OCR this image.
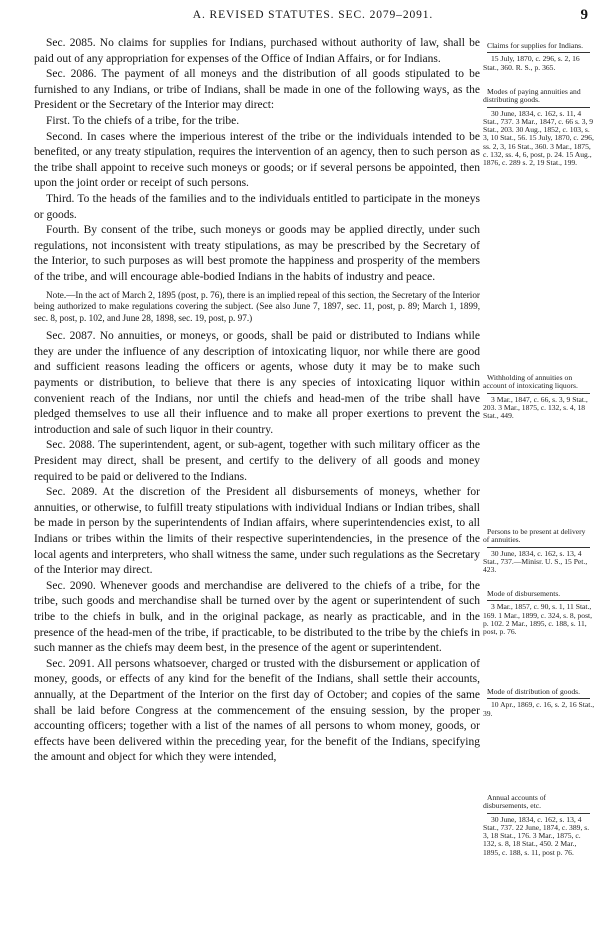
A. REVISED STATUTES. SEC. 2079–2091.	9

Sec. 2085. No claims for supplies for Indians, purchased without authority of law, shall be paid out of any appropriation for expenses of the Office of Indian Affairs, or for Indians.

Sec. 2086. The payment of all moneys and the distribution of all goods stipulated to be furnished to any Indians, or tribe of Indians, shall be made in one of the following ways, as the President or the Secretary of the Interior may direct:

First. To the chiefs of a tribe, for the tribe.

Second. In cases where the imperious interest of the tribe or the individuals intended to be benefited, or any treaty stipulation, requires the intervention of an agency, then to such person as the tribe shall appoint to receive such moneys or goods; or if several persons be appointed, then upon the joint order or receipt of such persons.

Third. To the heads of the families and to the individuals entitled to participate in the moneys or goods.

Fourth. By consent of the tribe, such moneys or goods may be applied directly, under such regulations, not inconsistent with treaty stipulations, as may be prescribed by the Secretary of the Interior, to such purposes as will best promote the happiness and prosperity of the members of the tribe, and will encourage able-bodied Indians in the habits of industry and peace.

Note.—In the act of March 2, 1895 (post, p. 76), there is an implied repeal of this section, the Secretary of the Interior being authorized to make regulations covering the subject. (See also June 7, 1897, sec. 11, post, p. 89; March 1, 1899, sec. 8, post, p. 102, and June 28, 1898, sec. 19, post, p. 97.)

Sec. 2087. No annuities, or moneys, or goods, shall be paid or distributed to Indians while they are under the influence of any description of intoxicating liquor, nor while there are good and sufficient reasons leading the officers or agents, whose duty it may be to make such payments or distribution, to believe that there is any species of intoxicating liquor within convenient reach of the Indians, nor until the chiefs and head-men of the tribe shall have pledged themselves to use all their influence and to make all proper exertions to prevent the introduction and sale of such liquor in their country.

Sec. 2088. The superintendent, agent, or sub-agent, together with such military officer as the President may direct, shall be present, and certify to the delivery of all goods and money required to be paid or delivered to the Indians.

Sec. 2089. At the discretion of the President all disbursements of moneys, whether for annuities, or otherwise, to fulfill treaty stipulations with individual Indians or Indian tribes, shall be made in person by the superintendents of Indian affairs, where superintendencies exist, to all Indians or tribes within the limits of their respective superintendencies, in the presence of the local agents and interpreters, who shall witness the same, under such regulations as the Secretary of the Interior may direct.

Sec. 2090. Whenever goods and merchandise are delivered to the chiefs of a tribe, for the tribe, such goods and merchandise shall be turned over by the agent or superintendent of such tribe to the chiefs in bulk, and in the original package, as nearly as practicable, and in the presence of the head-men of the tribe, if practicable, to be distributed to the tribe by the chiefs in such manner as the chiefs may deem best, in the presence of the agent or superintendent.

Sec. 2091. All persons whatsoever, charged or trusted with the disbursement or application of money, goods, or effects of any kind for the benefit of the Indians, shall settle their accounts, annually, at the Department of the Interior on the first day of October; and copies of the same shall be laid before Congress at the commencement of the ensuing session, by the proper accounting officers; together with a list of the names of all persons to whom money, goods, or effects have been delivered within the preceding year, for the benefit of the Indians, specifying the amount and object for which they were intended,

Claims for supplies for Indians.
15 July, 1870, c. 296, s. 2, 16 Stat., 360. R. S., p. 365.
Modes of paying annuities and distributing goods.
30 June, 1834, c. 162, s. 11, 4 Stat., 737. 3 Mar., 1847, c. 66 s. 3, 9 Stat., 203. 30 Aug., 1852, c. 103, s. 3, 10 Stat., 56. 15 July, 1870, c. 296, ss. 2, 3, 16 Stat., 360. 3 Mar., 1875, c. 132, ss. 4, 6, post, p. 24. 15 Aug., 1876, c. 289 s. 2, 19 Stat., 199.
Withholding of annuities on account of intoxicating liquors.
3 Mar., 1847, c. 66, s. 3, 9 Stat., 203. 3 Mar., 1875, c. 132, s. 4, 18 Stat., 449.
Persons to be present at delivery of annuities.
30 June, 1834, c. 162, s. 13, 4 Stat., 737.—Minisr. U. S., 15 Pet., 423.
Mode of disbursements.
3 Mar., 1857, c. 90, s. 1, 11 Stat., 169. 1 Mar., 1899, c. 324, s. 8, post, p. 102. 2 Mar., 1895, c. 188, s. 11, post, p. 76.
Mode of distribution of goods.
10 Apr., 1869, c. 16, s. 2, 16 Stat., 39.
Annual accounts of disbursements, etc.
30 June, 1834, c. 162, s. 13, 4 Stat., 737. 22 June, 1874, c. 389, s. 3, 18 Stat., 176. 3 Mar., 1875, c. 132, s. 8, 18 Stat., 450. 2 Mar., 1895, c. 188, s. 11, post p. 76.
